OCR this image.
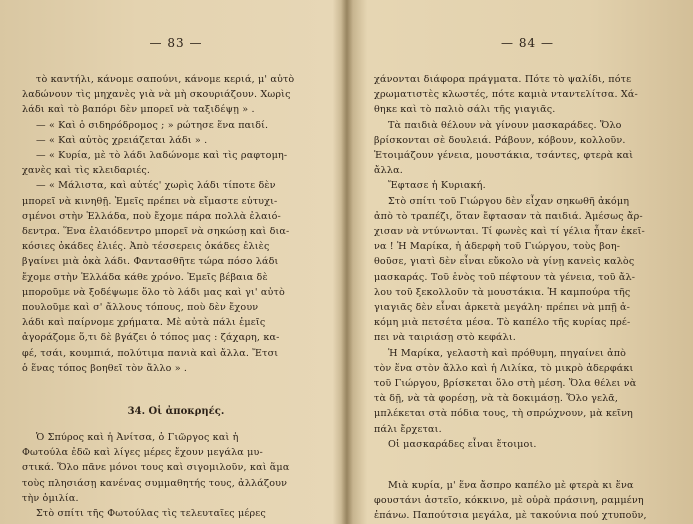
— 83 —

τὸ καντήλι, κάνομε σαπούνι, κάνομε κεριά, μ' αὐτὸ

λαδώνουν τὶς μηχανὲς γιὰ νὰ μὴ σκουριάζουν. Χωρὶς

λάδι καὶ τὸ βαπόρι δὲν μπορεῖ νὰ ταξιδέψῃ » .

— « Καὶ ὁ σιδηρόδρομος ; » ρώτησε ἕνα παιδί.

— « Καὶ αὐτὸς χρειάζεται λάδι » .

— « Κυρία, μὲ τὸ λάδι λαδώνομε καὶ τὶς ραφτομη-

χανὲς καὶ τὶς κλειδαριές.

— « Μάλιστα, καὶ αὐτές' χωρὶς λάδι τίποτε δὲν

μπορεῖ νὰ κινηθῇ. Ἐμεῖς πρέπει νὰ εἴμαστε εὐτυχι-

σμένοι στὴν Ἑλλάδα, ποὺ ἔχομε πάρα πολλὰ ἐλαιό-

δεντρα. Ἕνα ἐλαιόδεντρο μπορεῖ νὰ σηκώσῃ καὶ δια-

κόσιες ὀκάδες ἐλιές. Ἀπὸ τέσσερεις ὀκάδες ἐλιὲς

βγαίνει μιὰ ὀκὰ λάδι. Φαντασθῆτε τώρα πόσο λάδι

ἔχομε στὴν Ἑλλάδα κάθε χρόνο. Ἐμεῖς βέβαια δὲ

μποροῦμε νὰ ξοδέψωμε ὅλο τὸ λάδι μας καὶ γι' αὐτὸ

πουλοῦμε καὶ σ' ἄλλους τόπους, ποὺ δὲν ἔχουν

λάδι καὶ παίρνομε χρήματα. Μὲ αὐτὰ πάλι ἐμεῖς

ἀγοράζομε ὅ,τι δὲ βγάζει ὁ τόπος μας : ζάχαρη, κα-

φέ, τσάι, κουμπιά, πολύτιμα πανιὰ καὶ ἄλλα. Ἔτσι

ὁ ἕνας τόπος βοηθεῖ τὸν ἄλλο » .

34. Οἱ ἀποκρηές.

Ὁ Σπύρος καὶ ἡ Ἀνίτσα, ὁ Γιῶργος καὶ ἡ

Φωτούλα ἐδῶ καὶ λίγες μέρες ἔχουν μεγάλα μυ-

στικά. Ὅλο πᾶνε μόνοι τους καὶ σιγομιλοῦν, καὶ ἅμα

τοὺς πλησιάσῃ κανένας συμμαθητής τους, ἀλλάζουν

τὴν ὁμιλία.

Στὸ σπίτι τῆς Φωτούλας τὶς τελευταῖες μέρες

— 84 —

χάνονται διάφορα πράγματα. Πότε τὸ ψαλίδι, πότε

χρωματιστὲς κλωστές, πότε καμιὰ νταντελίτσα. Χά-

θηκε καὶ τὸ παλιὸ σάλι τῆς γιαγιᾶς.

Τὰ παιδιὰ θέλουν νὰ γίνουν μασκαράδες. Ὅλο

βρίσκονται σὲ δουλειά. Ράβουν, κόβουν, κολλοῦν.

Ἑτοιμάζουν γένεια, μουστάκια, τσάντες, φτερὰ καὶ

ἄλλα.

Ἔφτασε ἡ Κυριακή.

Στὸ σπίτι τοῦ Γιώργου δὲν εἶχαν σηκωθῆ ἀκόμη

ἀπὸ τὸ τραπέζι, ὅταν ἔφτασαν τὰ παιδιά. Ἀμέσως ἄρ-

χισαν νὰ ντύνωνται. Τί φωνὲς καὶ τί γέλια ἦταν ἐκεῖ-

να ! Ἡ Μαρίκα, ἡ ἀδερφὴ τοῦ Γιώργου, τοὺς βοη-

θοῦσε, γιατὶ δὲν εἶναι εὔκολο νὰ γίνῃ κανεὶς καλὸς

μασκαράς. Τοῦ ἑνὸς τοῦ πέφτουν τὰ γένεια, τοῦ ἄλ-

λου τοῦ ξεκολλοῦν τὰ μουστάκια. Ἡ καμπούρα τῆς

γιαγιᾶς δὲν εἶναι ἀρκετὰ μεγάλη· πρέπει νὰ μπῇ ἀ-

κόμη μιὰ πετσέτα μέσα. Τὸ καπέλο τῆς κυρίας πρέ-

πει νὰ ταιριάσῃ στὸ κεφάλι.

Ἡ Μαρίκα, γελαστὴ καὶ πρόθυμη, πηγαίνει ἀπὸ

τὸν ἕνα στὸν ἄλλο καὶ ἡ Λιλίκα, τὸ μικρὸ ἀδερφάκι

τοῦ Γιώργου, βρίσκεται ὅλο στὴ μέση. Ὅλα θέλει νὰ

τὰ δῇ, νὰ τὰ φορέσῃ, νὰ τὰ δοκιμάσῃ. Ὅλο γελᾶ,

μπλέκεται στὰ πόδια τους, τὴ σπρώχνουν, μὰ κεῖνη

πάλι ἔρχεται.

Οἱ μασκαράδες εἶναι ἕτοιμοι.

Μιὰ κυρία, μ' ἕνα ἄσπρο καπέλο μὲ φτερὰ κι ἕνα

φουστάνι ἀστεῖο, κόκκινο, μὲ οὐρὰ πράσινη, ραμμένη

ἐπάνω. Παπούτσια μεγάλα, μὲ τακούνια πού χτυποῦν,
